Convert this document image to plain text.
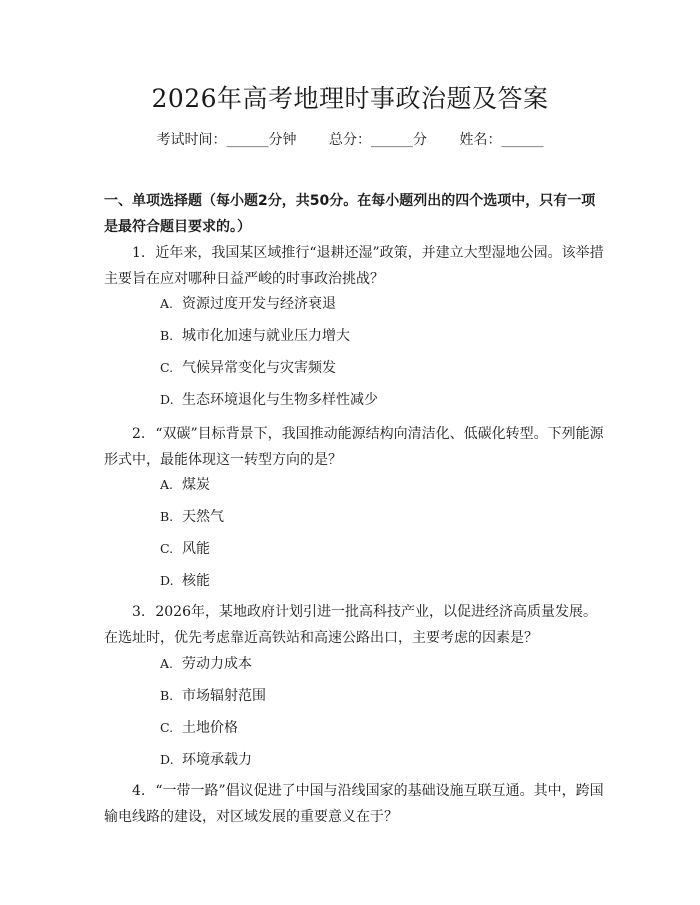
2026年高考地理时事政治题及答案
考试时间：______分钟 总分：______分 姓名：______

一、单项选择题（每小题2分，共50分。在每小题列出的四个选项中，只有一项是最符合题目要求的。）

1. 近年来，我国某区域推行“退耕还湿”政策，并建立大型湿地公园。该举措主要旨在应对哪种日益严峻的时事政治挑战？

A. 资源过度开发与经济衰退
B. 城市化加速与就业压力增大
C. 气候异常变化与灾害频发
D. 生态环境退化与生物多样性减少

2. “双碳”目标背景下，我国推动能源结构向清洁化、低碳化转型。下列能源形式中，最能体现这一转型方向的是？

A. 煤炭
B. 天然气
C. 风能
D. 核能

3. 2026年，某地政府计划引进一批高科技产业，以促进经济高质量发展。在选址时，优先考虑靠近高铁站和高速公路出口，主要考虑的因素是？

A. 劳动力成本
B. 市场辐射范围
C. 土地价格
D. 环境承载力

4. “一带一路”倡议促进了中国与沿线国家的基础设施互联互通。其中，跨国输电线路的建设，对区域发展的重要意义在于？
